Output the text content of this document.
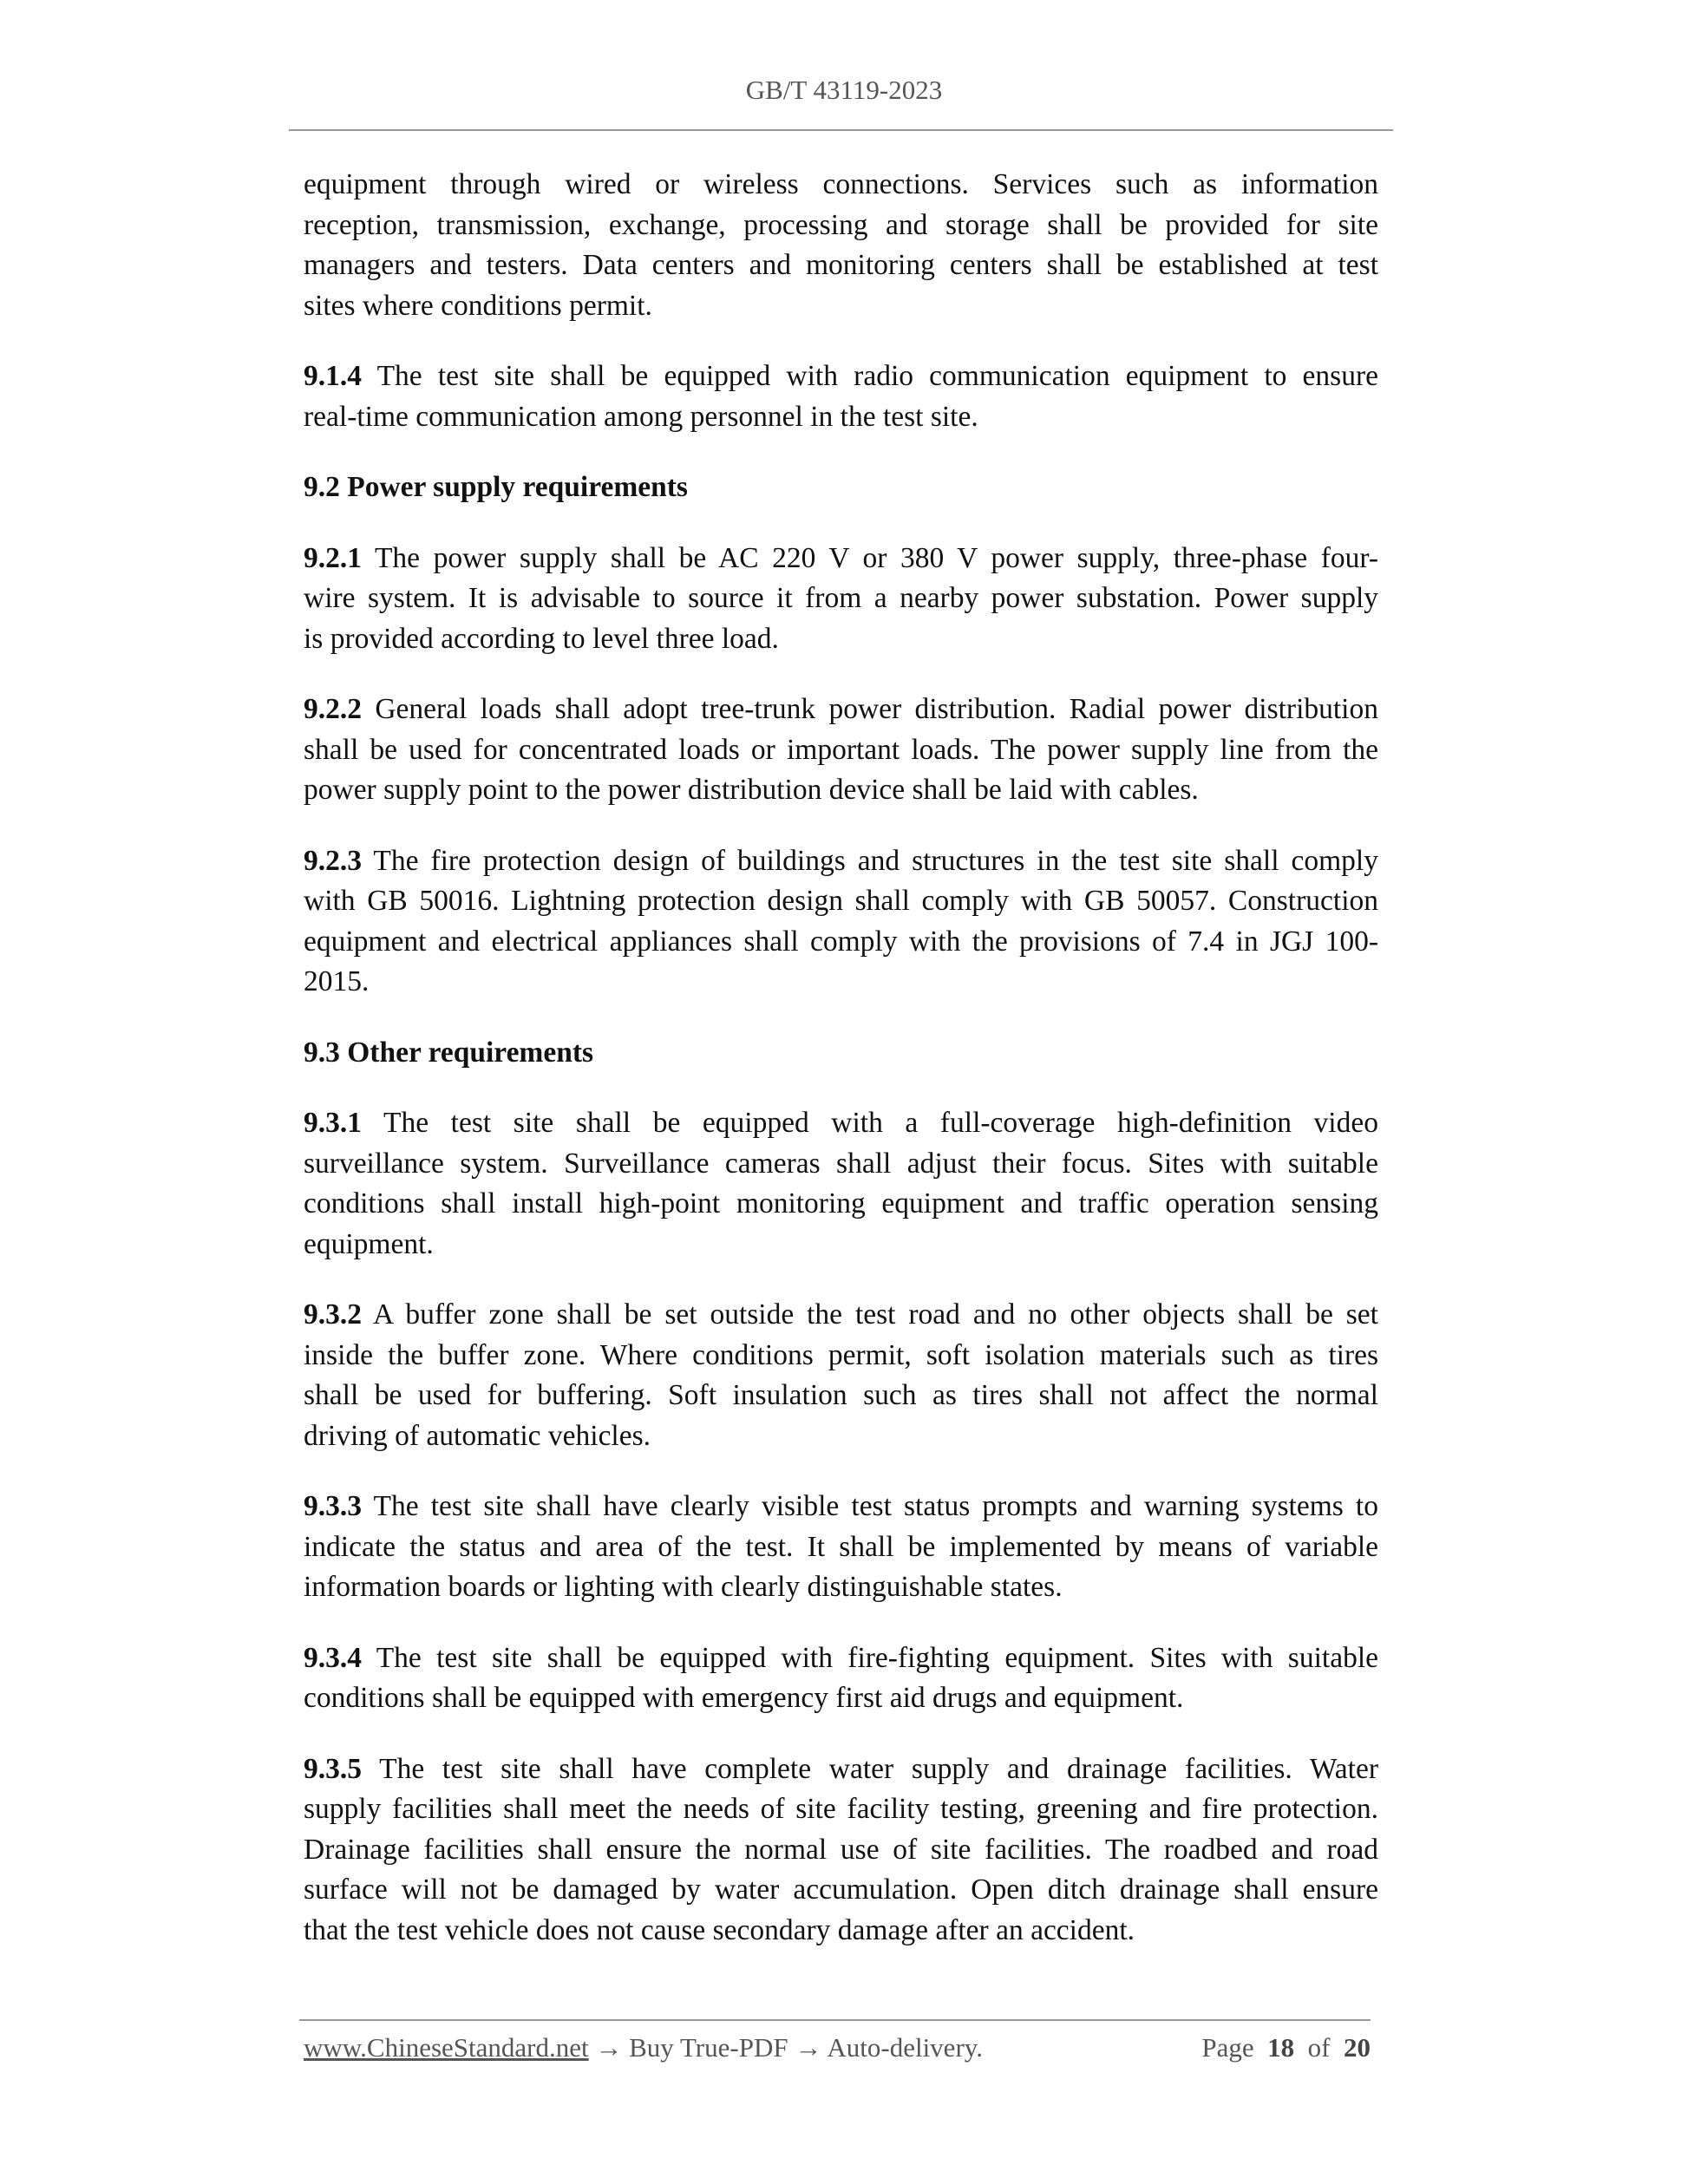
GB/T 43119-2023
equipment through wired or wireless connections. Services such as information
reception, transmission, exchange, processing and storage shall be provided for site
managers and testers. Data centers and monitoring centers shall be established at test
sites where conditions permit.
9.1.4 The test site shall be equipped with radio communication equipment to ensure
real-time communication among personnel in the test site.
9.2 Power supply requirements
9.2.1 The power supply shall be AC 220 V or 380 V power supply, three-phase four-
wire system. It is advisable to source it from a nearby power substation. Power supply
is provided according to level three load.
9.2.2 General loads shall adopt tree-trunk power distribution. Radial power distribution
shall be used for concentrated loads or important loads. The power supply line from the
power supply point to the power distribution device shall be laid with cables.
9.2.3 The fire protection design of buildings and structures in the test site shall comply
with GB 50016. Lightning protection design shall comply with GB 50057. Construction
equipment and electrical appliances shall comply with the provisions of 7.4 in JGJ 100-
2015.
9.3 Other requirements
9.3.1 The test site shall be equipped with a full-coverage high-definition video
surveillance system. Surveillance cameras shall adjust their focus. Sites with suitable
conditions shall install high-point monitoring equipment and traffic operation sensing
equipment.
9.3.2 A buffer zone shall be set outside the test road and no other objects shall be set
inside the buffer zone. Where conditions permit, soft isolation materials such as tires
shall be used for buffering. Soft insulation such as tires shall not affect the normal
driving of automatic vehicles.
9.3.3 The test site shall have clearly visible test status prompts and warning systems to
indicate the status and area of the test. It shall be implemented by means of variable
information boards or lighting with clearly distinguishable states.
9.3.4 The test site shall be equipped with fire-fighting equipment. Sites with suitable
conditions shall be equipped with emergency first aid drugs and equipment.
9.3.5 The test site shall have complete water supply and drainage facilities. Water
supply facilities shall meet the needs of site facility testing, greening and fire protection.
Drainage facilities shall ensure the normal use of site facilities. The roadbed and road
surface will not be damaged by water accumulation. Open ditch drainage shall ensure
that the test vehicle does not cause secondary damage after an accident.
www.ChineseStandard.net → Buy True-PDF → Auto-delivery.	Page 18 of 20
